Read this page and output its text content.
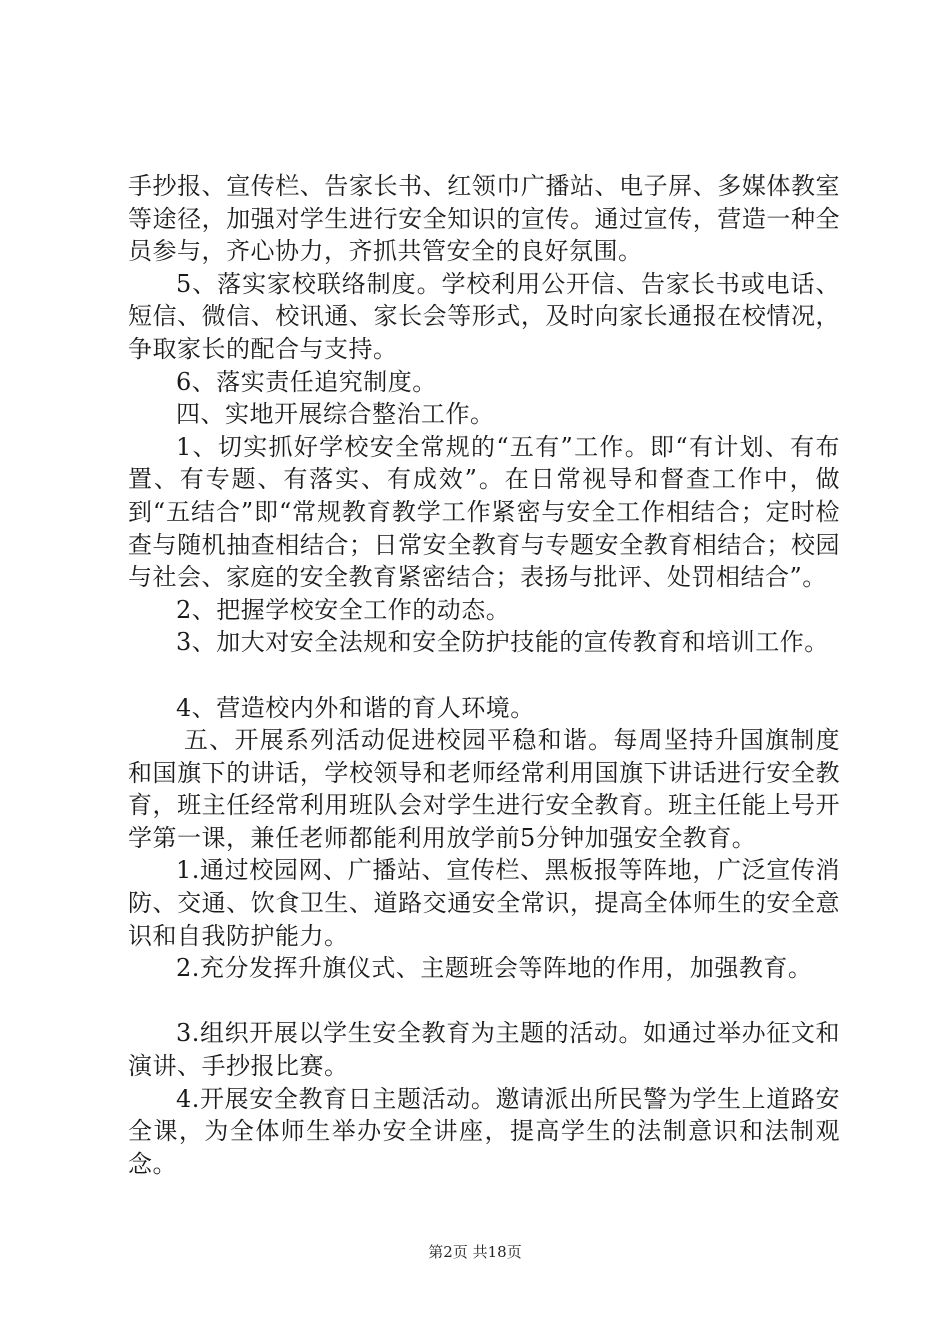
手抄报、宣传栏、告家长书、红领巾广播站、电子屏、多媒体教室等途径，加强对学生进行安全知识的宣传。通过宣传，营造一种全员参与，齐心协力，齐抓共管安全的良好氛围。

5、落实家校联络制度。学校利用公开信、告家长书或电话、短信、微信、校讯通、家长会等形式，及时向家长通报在校情况，争取家长的配合与支持。

6、落实责任追究制度。

四、实地开展综合整治工作。

1、切实抓好学校安全常规的“五有”工作。即“有计划、有布置、有专题、有落实、有成效”。在日常视导和督查工作中，做到“五结合”即“常规教育教学工作紧密与安全工作相结合；定时检查与随机抽查相结合；日常安全教育与专题安全教育相结合；校园与社会、家庭的安全教育紧密结合；表扬与批评、处罚相结合”。

2、把握学校安全工作的动态。

3、加大对安全法规和安全防护技能的宣传教育和培训工作。

4、营造校内外和谐的育人环境。

五、开展系列活动促进校园平稳和谐。每周坚持升国旗制度和国旗下的讲话，学校领导和老师经常利用国旗下讲话进行安全教育，班主任经常利用班队会对学生进行安全教育。班主任能上号开学第一课，兼任老师都能利用放学前5分钟加强安全教育。

1.通过校园网、广播站、宣传栏、黑板报等阵地，广泛宣传消防、交通、饮食卫生、道路交通安全常识，提高全体师生的安全意识和自我防护能力。

2.充分发挥升旗仪式、主题班会等阵地的作用，加强教育。

3.组织开展以学生安全教育为主题的活动。如通过举办征文和演讲、手抄报比赛。

4.开展安全教育日主题活动。邀请派出所民警为学生上道路安全课，为全体师生举办安全讲座，提高学生的法制意识和法制观念。

第2页 共18页
